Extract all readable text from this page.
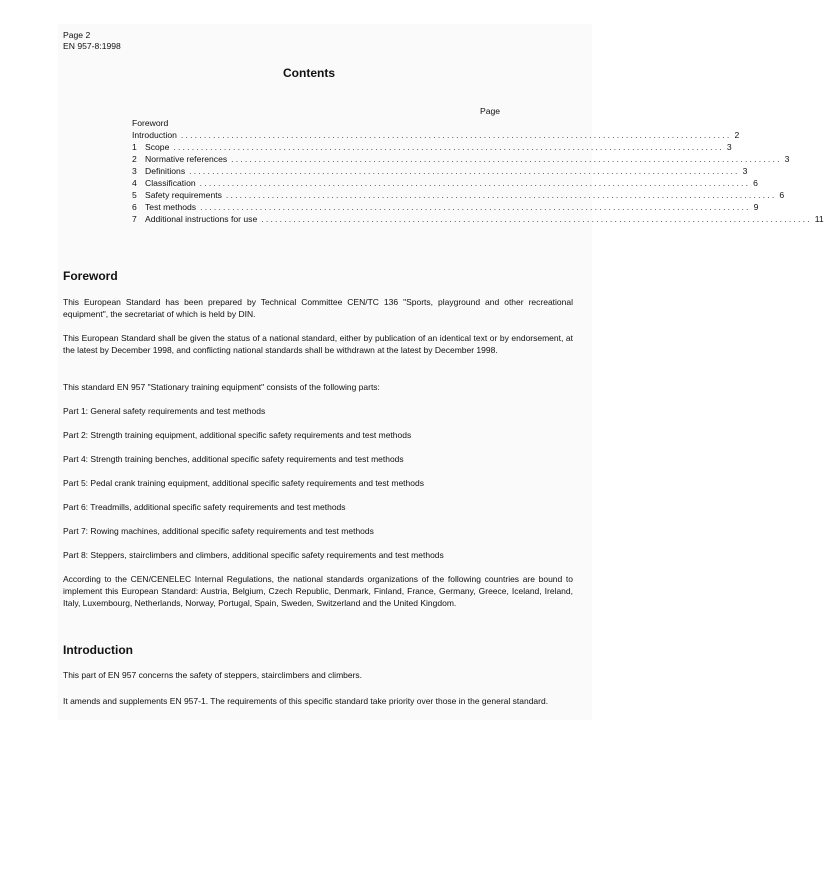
Page 2
EN 957-8:1998
Contents
Page
Foreword
Introduction ........................................................................................................................ 2
1 Scope ........................................................................................................................ 3
2 Normative references ........................................................................................................................ 3
3 Definitions ........................................................................................................................ 3
4 Classification ........................................................................................................................ 6
5 Safety requirements ........................................................................................................................ 6
6 Test methods ........................................................................................................................ 9
7 Additional instructions for use ........................................................................................................................ 11
Foreword
This European Standard has been prepared by Technical Committee CEN/TC 136 "Sports, playground and other recreational equipment", the secretariat of which is held by DIN.
This European Standard shall be given the status of a national standard, either by publication of an identical text or by endorsement, at the latest by December 1998, and conflicting national standards shall be withdrawn at the latest by December 1998.
This standard EN 957 "Stationary training equipment" consists of the following parts:
Part 1: General safety requirements and test methods
Part 2: Strength training equipment, additional specific safety requirements and test methods
Part 4: Strength training benches, additional specific safety requirements and test methods
Part 5: Pedal crank training equipment, additional specific safety requirements and test methods
Part 6: Treadmills, additional specific safety requirements and test methods
Part 7: Rowing machines, additional specific safety requirements and test methods
Part 8: Steppers, stairclimbers and climbers, additional specific safety requirements and test methods
According to the CEN/CENELEC Internal Regulations, the national standards organizations of the following countries are bound to implement this European Standard: Austria, Belgium, Czech Republic, Denmark, Finland, France, Germany, Greece, Iceland, Ireland, Italy, Luxembourg, Netherlands, Norway, Portugal, Spain, Sweden, Switzerland and the United Kingdom.
Introduction
This part of EN 957 concerns the safety of steppers, stairclimbers and climbers.
It amends and supplements EN 957-1. The requirements of this specific standard take priority over those in the general standard.
